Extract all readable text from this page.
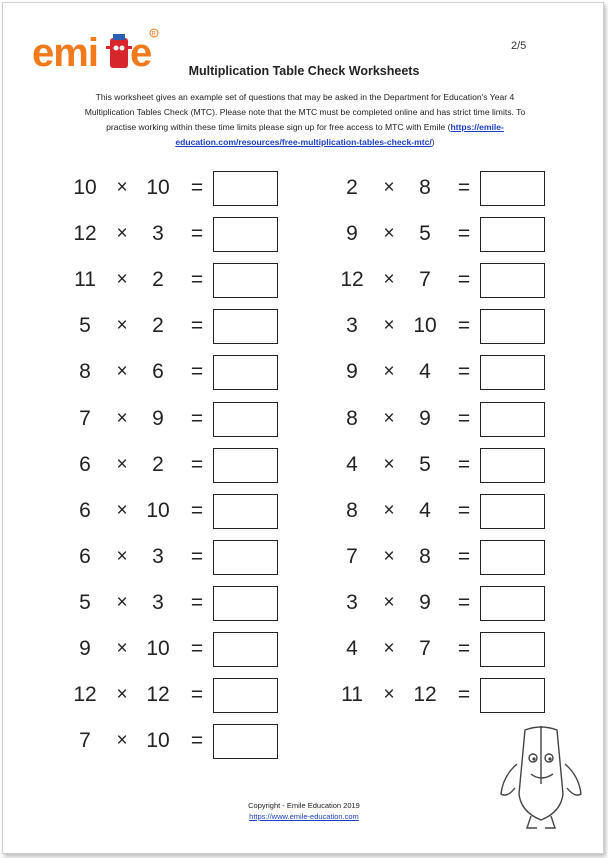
emi e R
2/5
Multiplication Table Check Worksheets
This worksheet gives an example set of questions that may be asked in the Department for Education's Year 4 Multiplication Tables Check (MTC). Please note that the MTC must be completed online and has strict time limits. To practise working within these time limits please sign up for free access to MTC with Emile (https://emile-education.com/resources/free-multiplication-tables-check-mtc/)
10	× 10	=
12	×	3	=
11	×	2	=
5	×	2	=
8	×	6	=
7	×	9	=
6	×	2	=
6	× 10	=
6	×	3	=
5	×	3	=
9	× 10	=
12	× 12	=
7	× 10	=
2	×	8	=
9	×	5	=
12	×	7	=
3	× 10	=
9	×	4	=
8	×	9	=
4	×	5	=
8	×	4	=
7	×	8	=
3	×	9	=
4	×	7	=
11	× 12	=
Copyright - Emile Education 2019
https://www.emile-education.com
